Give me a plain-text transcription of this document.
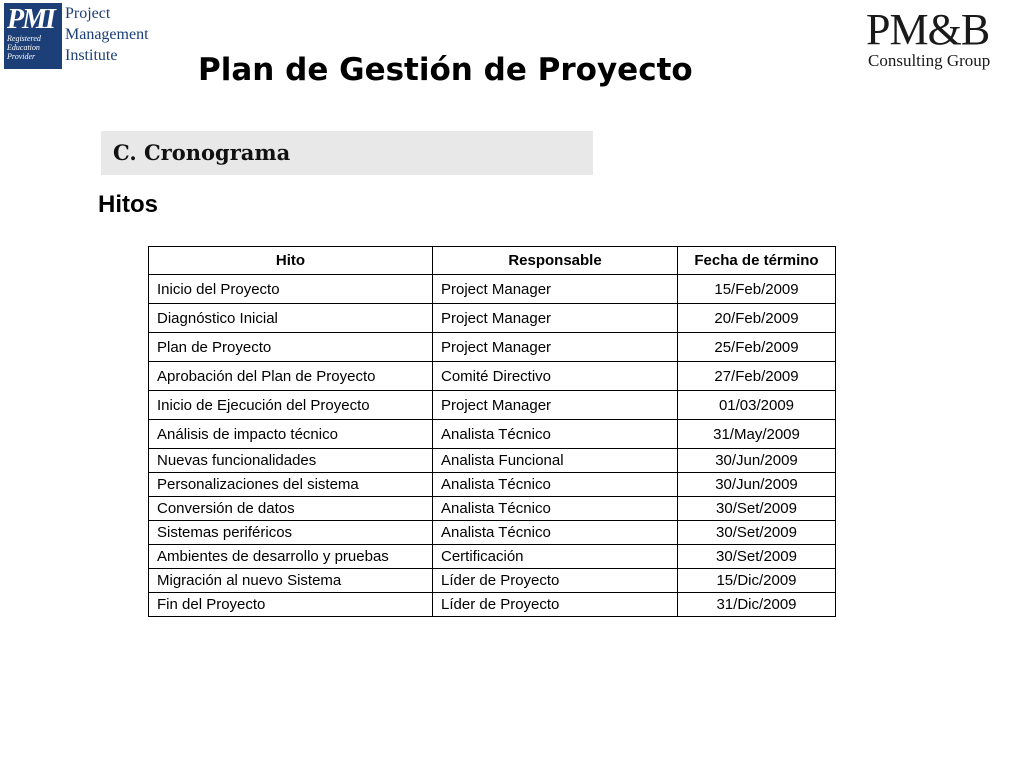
PMI
Registered
Education
Provider
Project
Management
Institute
PM&B
Consulting Group
Plan de Gestión de Proyecto
C. Cronograma
Hitos
Hito	Responsable	Fecha de término
Inicio del Proyecto	Project Manager	15/Feb/2009
Diagnóstico Inicial	Project Manager	20/Feb/2009
Plan de Proyecto	Project Manager	25/Feb/2009
Aprobación del Plan de Proyecto	Comité Directivo	27/Feb/2009
Inicio de Ejecución del Proyecto	Project Manager	01/03/2009
Análisis de impacto técnico	Analista Técnico	31/May/2009
Nuevas funcionalidades	Analista Funcional	30/Jun/2009
Personalizaciones del sistema	Analista Técnico	30/Jun/2009
Conversión de datos	Analista Técnico	30/Set/2009
Sistemas periféricos	Analista Técnico	30/Set/2009
Ambientes de desarrollo y pruebas	Certificación	30/Set/2009
Migración al nuevo Sistema	Líder de Proyecto	15/Dic/2009
Fin del Proyecto	Líder de Proyecto	31/Dic/2009
